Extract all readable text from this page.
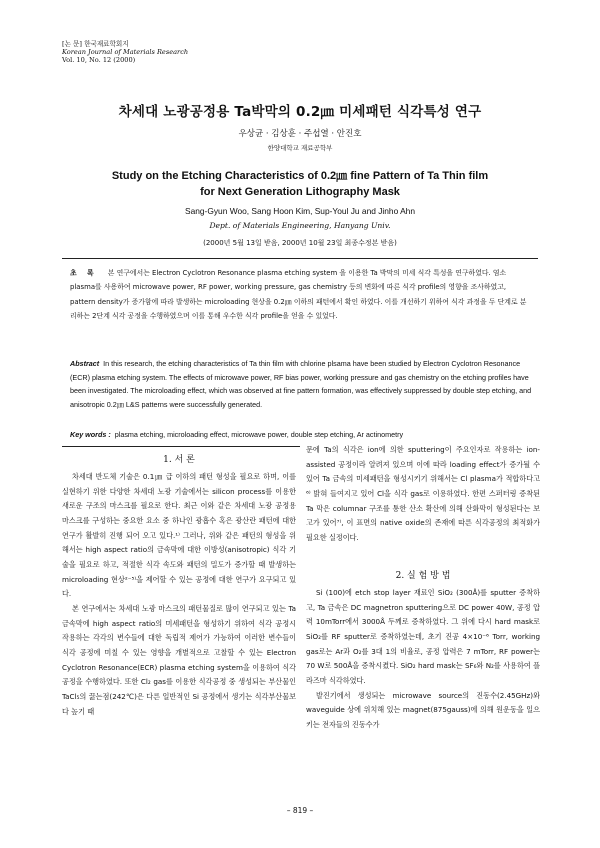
[논 문] 한국재료학회지
Korean Journal of Materials Research
Vol. 10, No. 12 (2000)
차세대 노광공정용 Ta박막의 0.2㎛ 미세패턴 식각특성 연구
우상균 · 김상훈 · 주섭열 · 안진호
한양대학교 재료공학부
Study on the Etching Characteristics of 0.2㎛ fine Pattern of Ta Thin film
for Next Generation Lithography Mask
Sang-Gyun Woo, Sang Hoon Kim, Sup-Youl Ju and Jinho Ahn
Dept. of Materials Engineering, Hanyang Univ.
(2000년 5월 13일 받음, 2000년 10월 23일 최종수정본 받음)
초 록 본 연구에서는 Electron Cyclotron Resonance plasma etching system 을 이용한 Ta 박막의 미세 식각 특성을 연구하였다. 염소 plasma를 사용하여 microwave power, RF power, working pressure, gas chemistry 등의 변화에 따른 식각 profile의 영향을 조사하였고, pattern density가 증가함에 따라 발생하는 microloading 현상을 0.2㎛ 이하의 패턴에서 확인 하였다. 이를 개선하기 위하여 식각 과정을 두 단계로 분리하는 2단계 식각 공정을 수행하였으며 이를 통해 우수한 식각 profile을 얻을 수 있었다.
Abstract In this research, the etching characteristics of Ta thin film with chlorine plsama have been studied by Electron Cyclotron Resonance (ECR) plasma etching system. The effects of microwave power, RF bias power, working pressure and gas chemistry on the etching profiles have been investigated. The microloading effect, which was observed at fine pattern formation, was effectively suppressed by double step etching, and anisotropic 0.2㎛ L&S patterns were successfully generated.
Key words : plasma etching, microloading effect, microwave power, double step etching, Ar actinometry
1. 서 론

차세대 반도체 기술은 0.1㎛ 급 이하의 패턴 형성을 필요로 하며, 이를 실현하기 위한 다양한 차세대 노광 기술에서는 silicon process를 이용한 새로운 구조의 마스크를 필요로 한다. 최근 이와 같은 차세대 노광 공정용 마스크를 구성하는 중요한 요소 중 하나인 광흡수 혹은 광산란 패턴에 대한 연구가 활발히 진행 되어 오고 있다.¹⁾ 그러나, 위와 같은 패턴의 형성을 위해서는 high aspect ratio의 금속막에 대한 이방성(anisotropic) 식각 기술을 필요로 하고, 적절한 식각 속도와 패턴의 밀도가 증가할 때 발생하는 microloading 현상²⁻⁵⁾을 제어할 수 있는 공정에 대한 연구가 요구되고 있다.

본 연구에서는 차세대 노광 마스크의 패턴물질로 많이 연구되고 있는 Ta 금속막에 high aspect ratio의 미세패턴을 형성하기 위하여 식각 공정시 작용하는 각각의 변수들에 대한 독립적 제어가 가능하여 이러한 변수들이 식각 공정에 미칠 수 있는 영향을 개별적으로 고찰할 수 있는 Electron Cyclotron Resonance(ECR) plasma etching system을 이용하여 식각 공정을 수행하였다. 또한 Cl₂ gas를 이용한 식각공정 중 생성되는 부산물인 TaCl₅의 끓는점(242℃)은 다른 일반적인 Si 공정에서 생기는 식각부산물보다 높기 때

문에 Ta의 식각은 ion에 의한 sputtering이 주요인자로 작용하는 ion-assisted 공정이라 알려져 있으며 이에 따라 loading effect가 증가될 수 있어 Ta 금속의 미세패턴을 형성시키기 위해서는 Cl plasma가 적합하다고⁶⁾ 밝혀 들여지고 있어 Cl을 식각 gas로 이용하였다. 한편 스퍼터링 증착된 Ta 막은 columnar 구조를 통한 산소 확산에 의해 산화막이 형성된다는 보고가 있어⁷⁾, 이 표면의 native oxide의 존재에 따른 식각공정의 최적화가 필요한 실정이다.

2. 실 험 방 법

Si (100)에 etch stop layer 재료인 SiO₂ (300Å)를 sputter 증착하고, Ta 금속은 DC magnetron sputtering으로 DC power 40W, 공정 압력 10mTorr에서 3000Å 두께로 증착하였다. 그 위에 다시 hard mask로 SiO₂를 RF sputter로 증착하였는데, 초기 진공 4×10⁻⁶ Torr, working gas로는 Ar과 O₂를 3대 1의 비율로, 공정 압력은 7 mTorr, RF power는 70 W로 500Å을 증착시켰다. SiO₂ hard mask는 SF₆와 N₂를 사용하여 플라즈마 식각하였다.

발진기에서 생성되는 microwave source의 진동수(2.45GHz)와 waveguide 상에 위치해 있는 magnet(875gauss)에 의해 원운동을 일으키는 전자들의 진동수가

– 819 –
